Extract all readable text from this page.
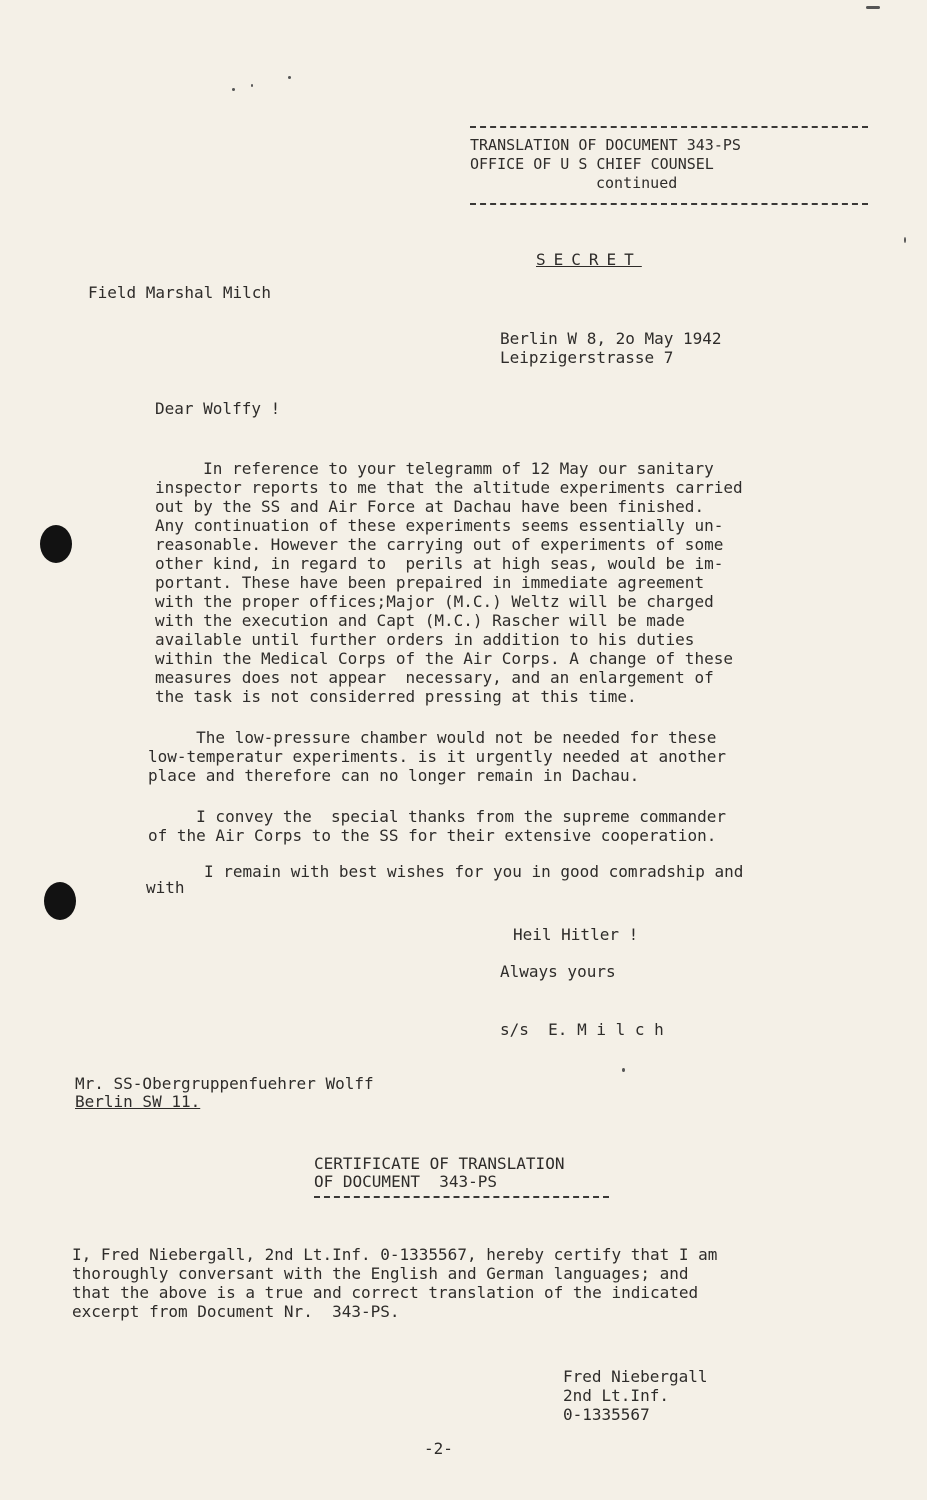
TRANSLATION OF DOCUMENT 343-PS
OFFICE OF U S CHIEF COUNSEL
continued
SECRET
Field Marshal Milch
Berlin W 8, 2o May 1942
Leipzigerstrasse 7
Dear Wolffy !
In reference to your telegramm of 12 May our sanitary
inspector reports to me that the altitude experiments carried
out by the SS and Air Force at Dachau have been finished.
Any continuation of these experiments seems essentially un-
reasonable. However the carrying out of experiments of some
other kind, in regard to  perils at high seas, would be im-
portant. These have been prepaired in immediate agreement
with the proper offices;Major (M.C.) Weltz will be charged
with the execution and Capt (M.C.) Rascher will be made
available until further orders in addition to his duties
within the Medical Corps of the Air Corps. A change of these
measures does not appear  necessary, and an enlargement of
the task is not considerred pressing at this time.
The low-pressure chamber would not be needed for these
low-temperatur experiments. is it urgently needed at another
place and therefore can no longer remain in Dachau.
I convey the  special thanks from the supreme commander
of the Air Corps to the SS for their extensive cooperation.
I remain with best wishes for you in good comradship and
with
Heil Hitler !
Always yours
s/s  E. M i l c h
Mr. SS-Obergruppenfuehrer Wolff
Berlin SW 11.
CERTIFICATE OF TRANSLATION
OF DOCUMENT  343-PS
I, Fred Niebergall, 2nd Lt.Inf. 0-1335567, hereby certify that I am
thoroughly conversant with the English and German languages; and
that the above is a true and correct translation of the indicated
excerpt from Document Nr.  343-PS.
Fred Niebergall
2nd Lt.Inf.
0-1335567
-2-
